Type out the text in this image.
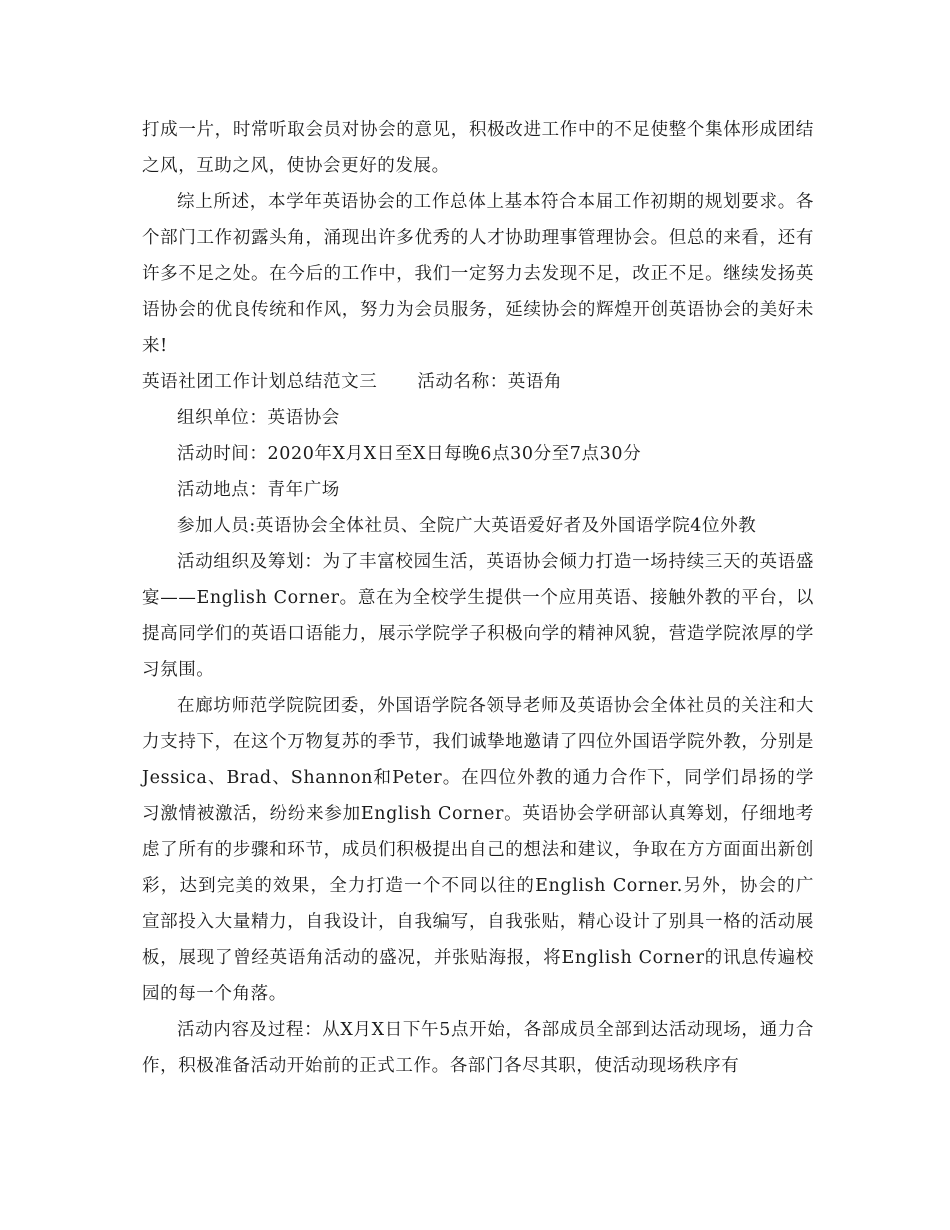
打成一片，时常听取会员对协会的意见，积极改进工作中的不足使整个集体形成团结之风，互助之风，使协会更好的发展。

综上所述，本学年英语协会的工作总体上基本符合本届工作初期的规划要求。各个部门工作初露头角，涌现出许多优秀的人才协助理事管理协会。但总的来看，还有许多不足之处。在今后的工作中，我们一定努力去发现不足，改正不足。继续发扬英语协会的优良传统和作风，努力为会员服务，延续协会的辉煌开创英语协会的美好未来!

英语社团工作计划总结范文三 活动名称：英语角

组织单位：英语协会

活动时间：2020年X月X日至X日每晚6点30分至7点30分

活动地点：青年广场

参加人员:英语协会全体社员、全院广大英语爱好者及外国语学院4位外教

活动组织及筹划：为了丰富校园生活，英语协会倾力打造一场持续三天的英语盛宴——English Corner。意在为全校学生提供一个应用英语、接触外教的平台，以提高同学们的英语口语能力，展示学院学子积极向学的精神风貌，营造学院浓厚的学习氛围。

在廊坊师范学院院团委，外国语学院各领导老师及英语协会全体社员的关注和大力支持下，在这个万物复苏的季节，我们诚挚地邀请了四位外国语学院外教，分别是Jessica、Brad、Shannon和Peter。在四位外教的通力合作下，同学们昂扬的学习激情被激活，纷纷来参加English Corner。英语协会学研部认真筹划，仔细地考虑了所有的步骤和环节，成员们积极提出自己的想法和建议，争取在方方面面出新创彩，达到完美的效果，全力打造一个不同以往的English Corner.另外，协会的广宣部投入大量精力，自我设计，自我编写，自我张贴，精心设计了别具一格的活动展板，展现了曾经英语角活动的盛况，并张贴海报，将English Corner的讯息传遍校园的每一个角落。

活动内容及过程：从X月X日下午5点开始，各部成员全部到达活动现场，通力合作，积极准备活动开始前的正式工作。各部门各尽其职，使活动现场秩序有
